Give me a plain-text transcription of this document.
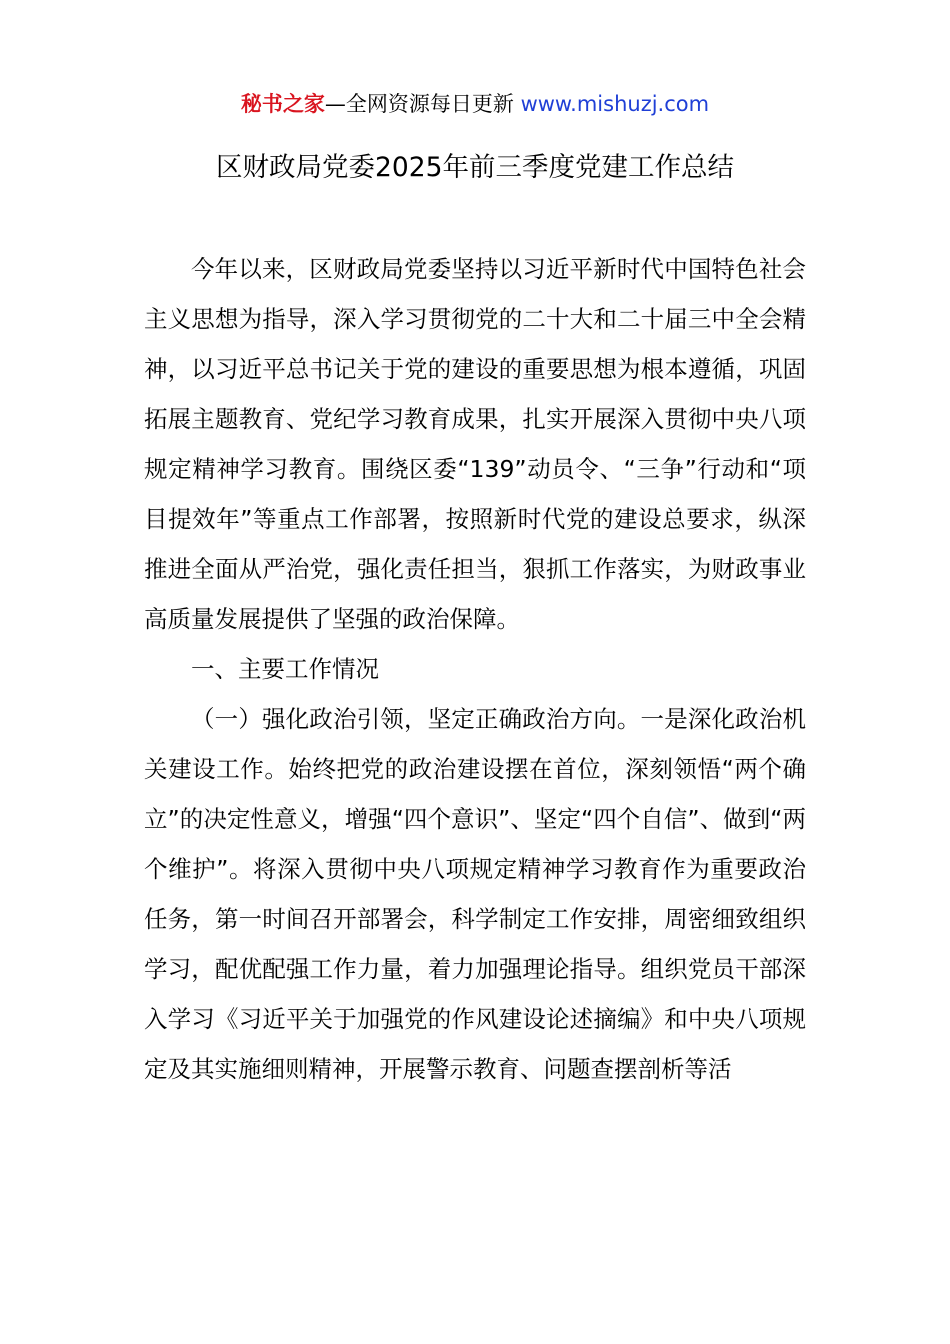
秘书之家—全网资源每日更新 www.mishuzj.com
区财政局党委2025年前三季度党建工作总结

今年以来，区财政局党委坚持以习近平新时代中国特色社会主义思想为指导，深入学习贯彻党的二十大和二十届三中全会精神，以习近平总书记关于党的建设的重要思想为根本遵循，巩固拓展主题教育、党纪学习教育成果，扎实开展深入贯彻中央八项规定精神学习教育。围绕区委“139”动员令、“三争”行动和“项目提效年”等重点工作部署，按照新时代党的建设总要求，纵深推进全面从严治党，强化责任担当，狠抓工作落实，为财政事业高质量发展提供了坚强的政治保障。

一、主要工作情况

（一）强化政治引领，坚定正确政治方向。一是深化政治机关建设工作。始终把党的政治建设摆在首位，深刻领悟“两个确立”的决定性意义，增强“四个意识”、坚定“四个自信”、做到“两个维护”。将深入贯彻中央八项规定精神学习教育作为重要政治任务，第一时间召开部署会，科学制定工作安排，周密细致组织学习，配优配强工作力量，着力加强理论指导。组织党员干部深入学习《习近平关于加强党的作风建设论述摘编》和中央八项规定及其实施细则精神，开展警示教育、问题查摆剖析等活
